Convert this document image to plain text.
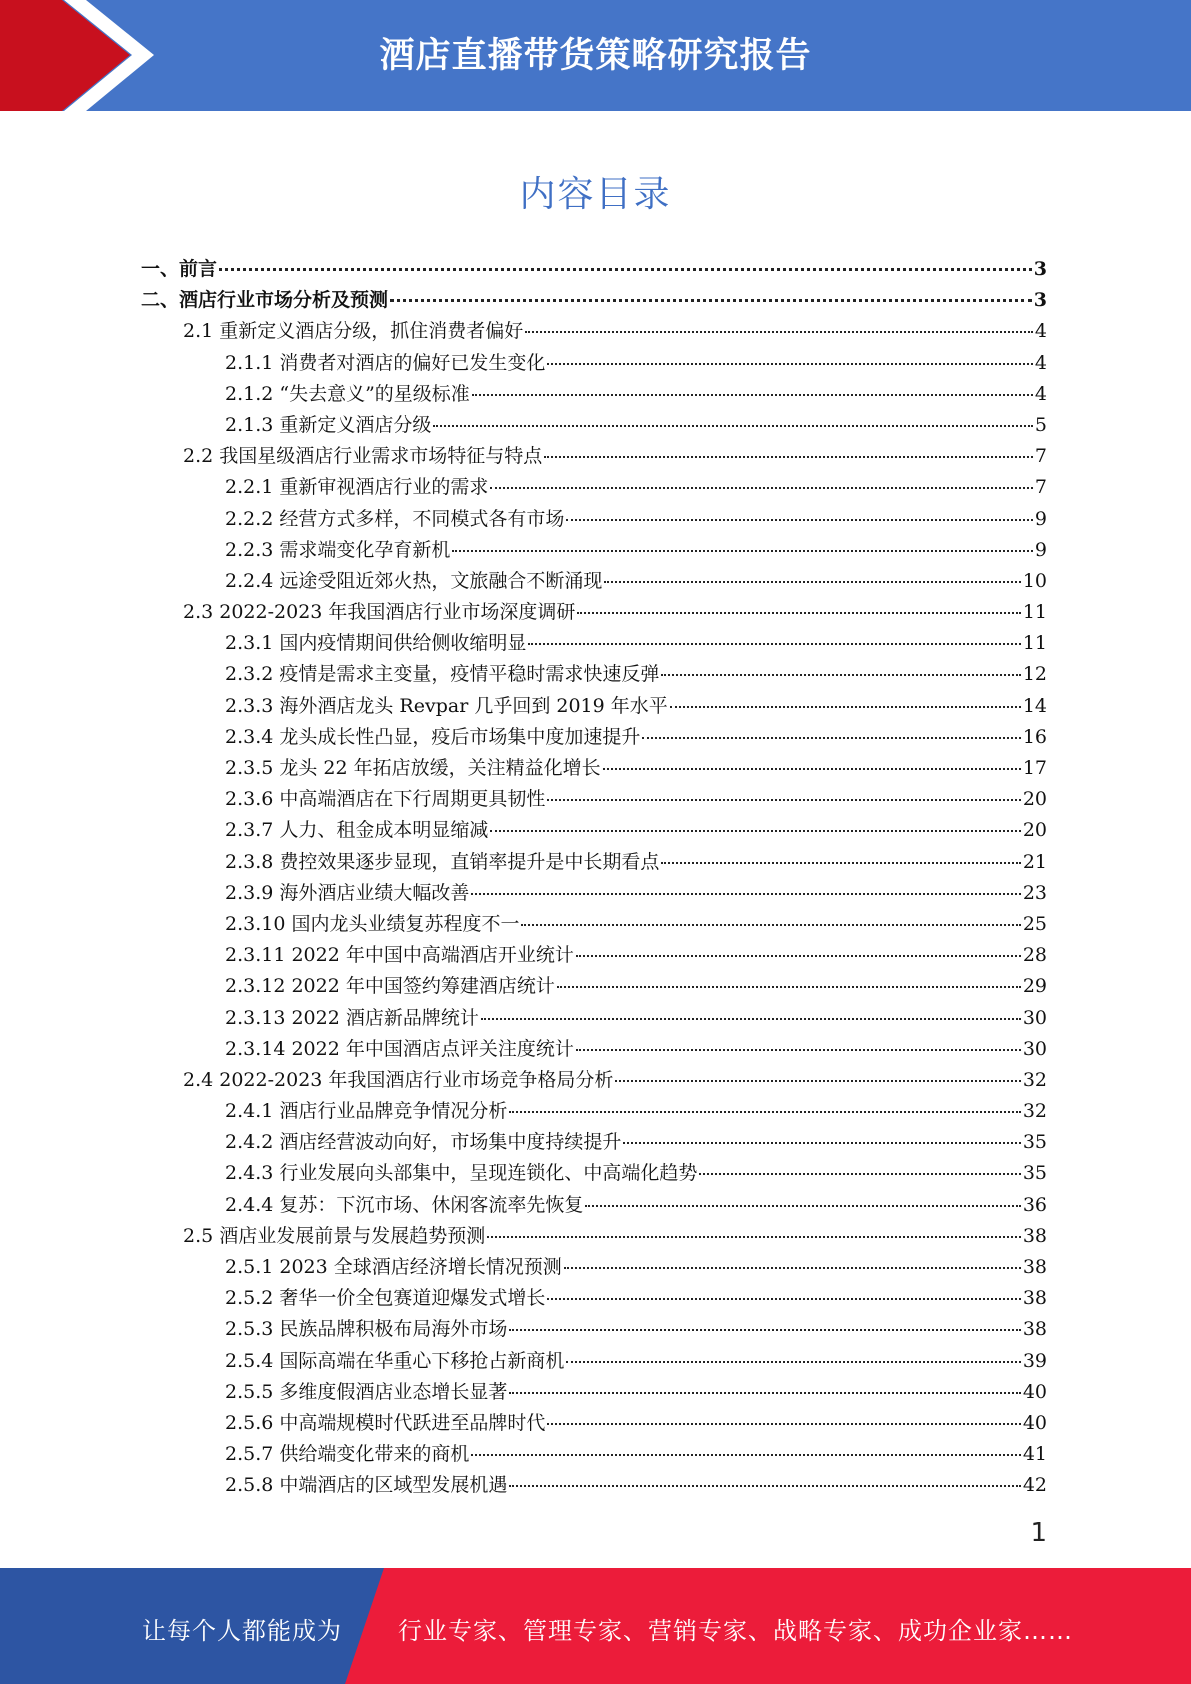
酒店直播带货策略研究报告
内容目录
一、前言	3
二、酒店行业市场分析及预测	3
2.1 重新定义酒店分级，抓住消费者偏好	4
2.1.1 消费者对酒店的偏好已发生变化	4
2.1.2 “失去意义”的星级标准	4
2.1.3 重新定义酒店分级	5
2.2 我国星级酒店行业需求市场特征与特点	7
2.2.1 重新审视酒店行业的需求	7
2.2.2 经营方式多样，不同模式各有市场	9
2.2.3 需求端变化孕育新机	9
2.2.4 远途受阻近郊火热，文旅融合不断涌现	10
2.3 2022-2023 年我国酒店行业市场深度调研	11
2.3.1 国内疫情期间供给侧收缩明显	11
2.3.2 疫情是需求主变量，疫情平稳时需求快速反弹	12
2.3.3 海外酒店龙头 Revpar 几乎回到 2019 年水平	14
2.3.4 龙头成长性凸显，疫后市场集中度加速提升	16
2.3.5 龙头 22 年拓店放缓，关注精益化增长	17
2.3.6 中高端酒店在下行周期更具韧性	20
2.3.7 人力、租金成本明显缩减	20
2.3.8 费控效果逐步显现，直销率提升是中长期看点	21
2.3.9 海外酒店业绩大幅改善	23
2.3.10 国内龙头业绩复苏程度不一	25
2.3.11 2022 年中国中高端酒店开业统计	28
2.3.12 2022 年中国签约筹建酒店统计	29
2.3.13 2022 酒店新品牌统计	30
2.3.14 2022 年中国酒店点评关注度统计	30
2.4 2022-2023 年我国酒店行业市场竞争格局分析	32
2.4.1 酒店行业品牌竞争情况分析	32
2.4.2 酒店经营波动向好，市场集中度持续提升	35
2.4.3 行业发展向头部集中，呈现连锁化、中高端化趋势	35
2.4.4 复苏：下沉市场、休闲客流率先恢复	36
2.5 酒店业发展前景与发展趋势预测	38
2.5.1 2023 全球酒店经济增长情况预测	38
2.5.2 奢华一价全包赛道迎爆发式增长	38
2.5.3 民族品牌积极布局海外市场	38
2.5.4 国际高端在华重心下移抢占新商机	39
2.5.5 多维度假酒店业态增长显著	40
2.5.6 中高端规模时代跃进至品牌时代	40
2.5.7 供给端变化带来的商机	41
2.5.8 中端酒店的区域型发展机遇	42
1
让每个人都能成为 行业专家、管理专家、营销专家、战略专家、成功企业家……
